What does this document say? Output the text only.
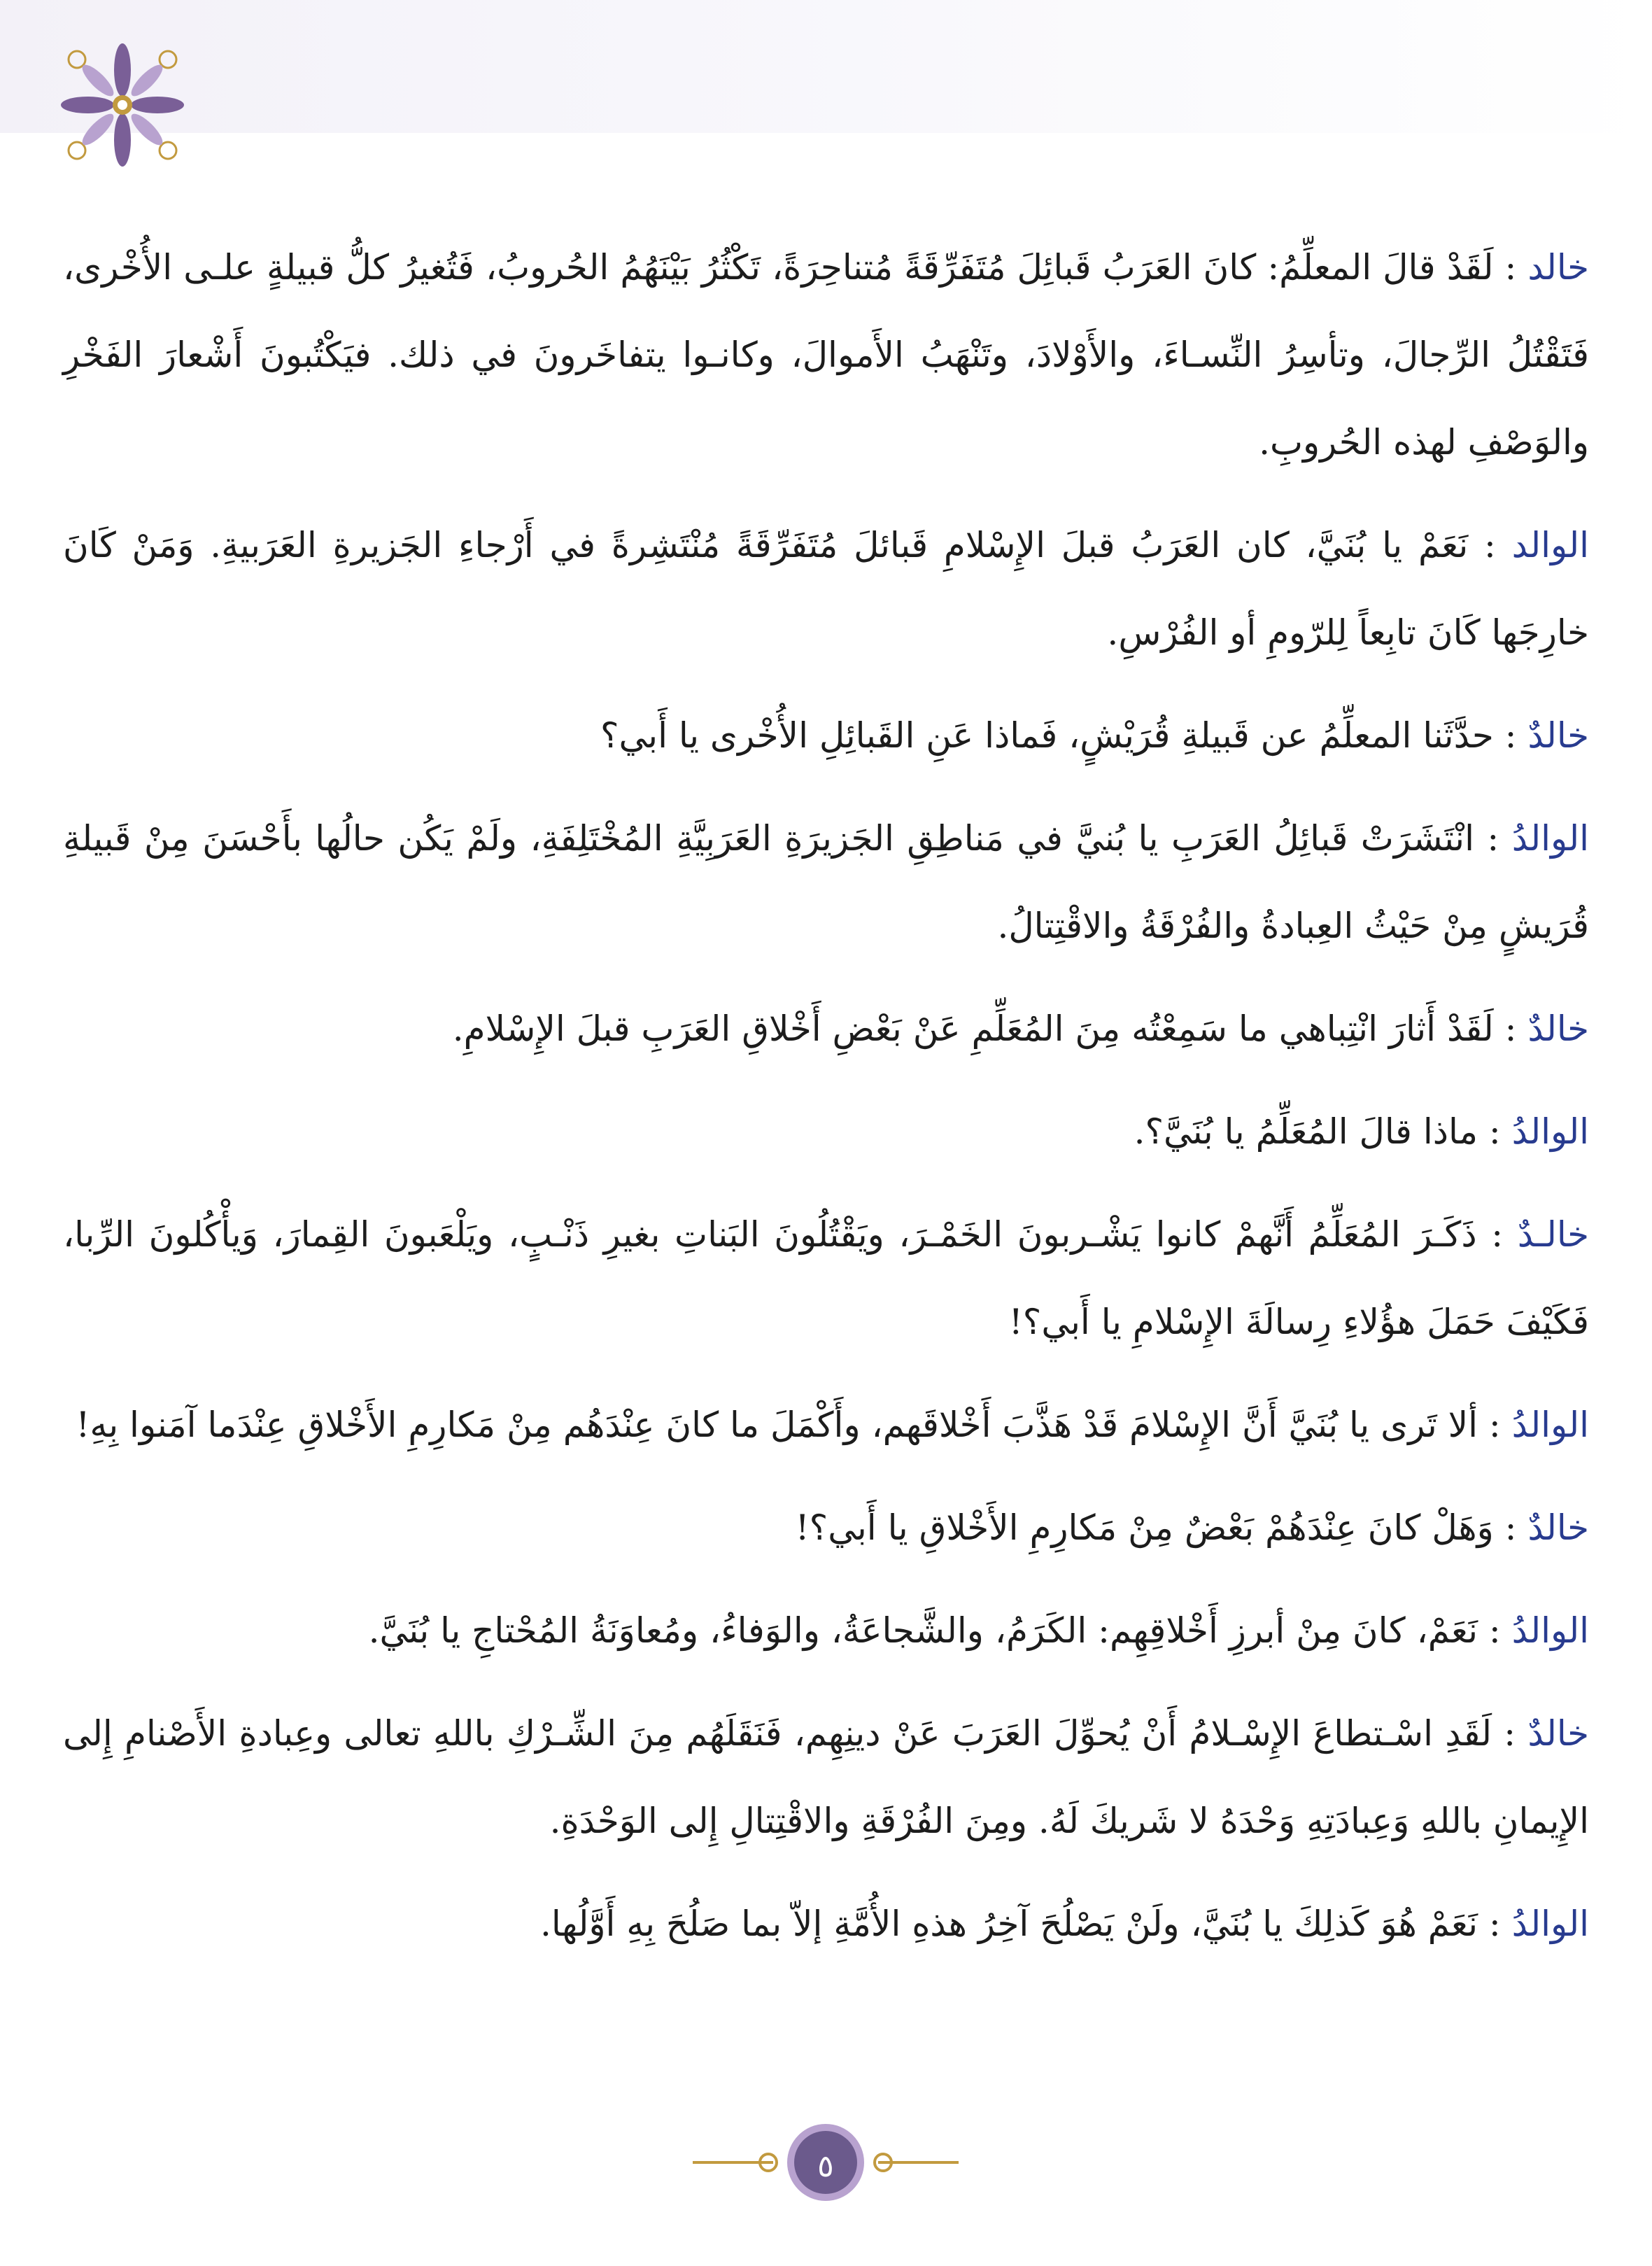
خالد : لَقَدْ قالَ المعلِّمُ: كانَ العَرَبُ قَبائِلَ مُتَفَرِّقَةً مُتناحِرَةً، تَكْثُرُ بَيْنَهُمُ الحُروبُ، فَتُغيرُ كلُّ قبيلةٍ علـى الأُخْرى، فَتَقْتُلُ الرِّجالَ، وتأسِرُ النِّسـاءَ، والأَوْلادَ، وتَنْهَبُ الأَموالَ، وكانـوا يتفاخَرونَ في ذلك. فيَكْتُبونَ أَشْعارَ الفَخْرِ والوَصْفِ لهذه الحُروبِ.

الوالد : نَعَمْ يا بُنَيَّ، كان العَرَبُ قبلَ الإِسْلامِ قَبائلَ مُتَفَرِّقَةً مُنْتَشِرةً في أَرْجاءِ الجَزيرةِ العَرَبيةِ. وَمَنْ كَانَ خارِجَها كَانَ تابِعاً لِلرّومِ أو الفُرْسِ.

خالدٌ : حدَّثَنا المعلِّمُ عن قَبيلةِ قُرَيْشٍ، فَماذا عَنِ القَبائِلِ الأُخْرى يا أَبي؟

الوالدُ : انْتَشَرَتْ قَبائِلُ العَرَبِ يا بُنيَّ في مَناطِقِ الجَزيرَةِ العَرَبِيَّةِ المُخْتَلِفَةِ، ولَمْ يَكُن حالُها بأَحْسَنَ مِنْ قَبيلةِ قُرَيشٍ مِنْ حَيْثُ العِبادةُ والفُرْقَةُ والاقْتِتالُ.

خالدٌ : لَقَدْ أَثارَ انْتِباهي ما سَمِعْتُه مِنَ المُعَلِّمِ عَنْ بَعْضِ أَخْلاقِ العَرَبِ قبلَ الإِسْلامِ.

الوالدُ : ماذا قالَ المُعَلِّمُ يا بُنَيَّ؟.

خالـدٌ : ذَكَـرَ المُعَلِّمُ أَنَّهمْ كانوا يَشْـربونَ الخَمْـرَ، ويَقْتُلُونَ البَناتِ بغيرِ ذَنْـبٍ، ويَلْعَبونَ القِمارَ، وَيأْكُلونَ الرِّبا، فَكَيْفَ حَمَلَ هؤُلاءِ رِسالَةَ الإِسْلامِ يا أَبي؟!

الوالدُ : ألا تَرى يا بُنَيَّ أَنَّ الإِسْلامَ قَدْ هَذَّبَ أَخْلاقَهم، وأَكْمَلَ ما كانَ عِنْدَهُم مِنْ مَكارِمِ الأَخْلاقِ عِنْدَما آمَنوا بِهِ!

خالدٌ : وَهَلْ كانَ عِنْدَهُمْ بَعْضٌ مِنْ مَكارِمِ الأَخْلاقِ يا أَبي؟!

الوالدُ : نَعَمْ، كانَ مِنْ أبرزِ أَخْلاقِهِم: الكَرَمُ، والشَّجاعَةُ، والوَفاءُ، ومُعاوَنَةُ المُحْتاجِ يا بُنَيَّ.

خالدٌ : لَقَدِ اسْـتطاعَ الإِسْـلامُ أَنْ يُحوِّلَ العَرَبَ عَنْ دينِهِم، فَنَقَلَهُم مِنَ الشِّـرْكِ باللهِ تعالى وعِبادةِ الأَصْنامِ إِلى الإِيمانِ باللهِ وَعِبادَتِهِ وَحْدَهُ لا شَريكَ لَهُ. ومِنَ الفُرْقَةِ والاقْتِتالِ إِلى الوَحْدَةِ.

الوالدُ : نَعَمْ هُوَ كَذلِكَ يا بُنَيَّ، ولَنْ يَصْلُحَ آخِرُ هذهِ الأُمَّةِ إلاّ بما صَلُحَ بِهِ أَوَّلُها.

٥
